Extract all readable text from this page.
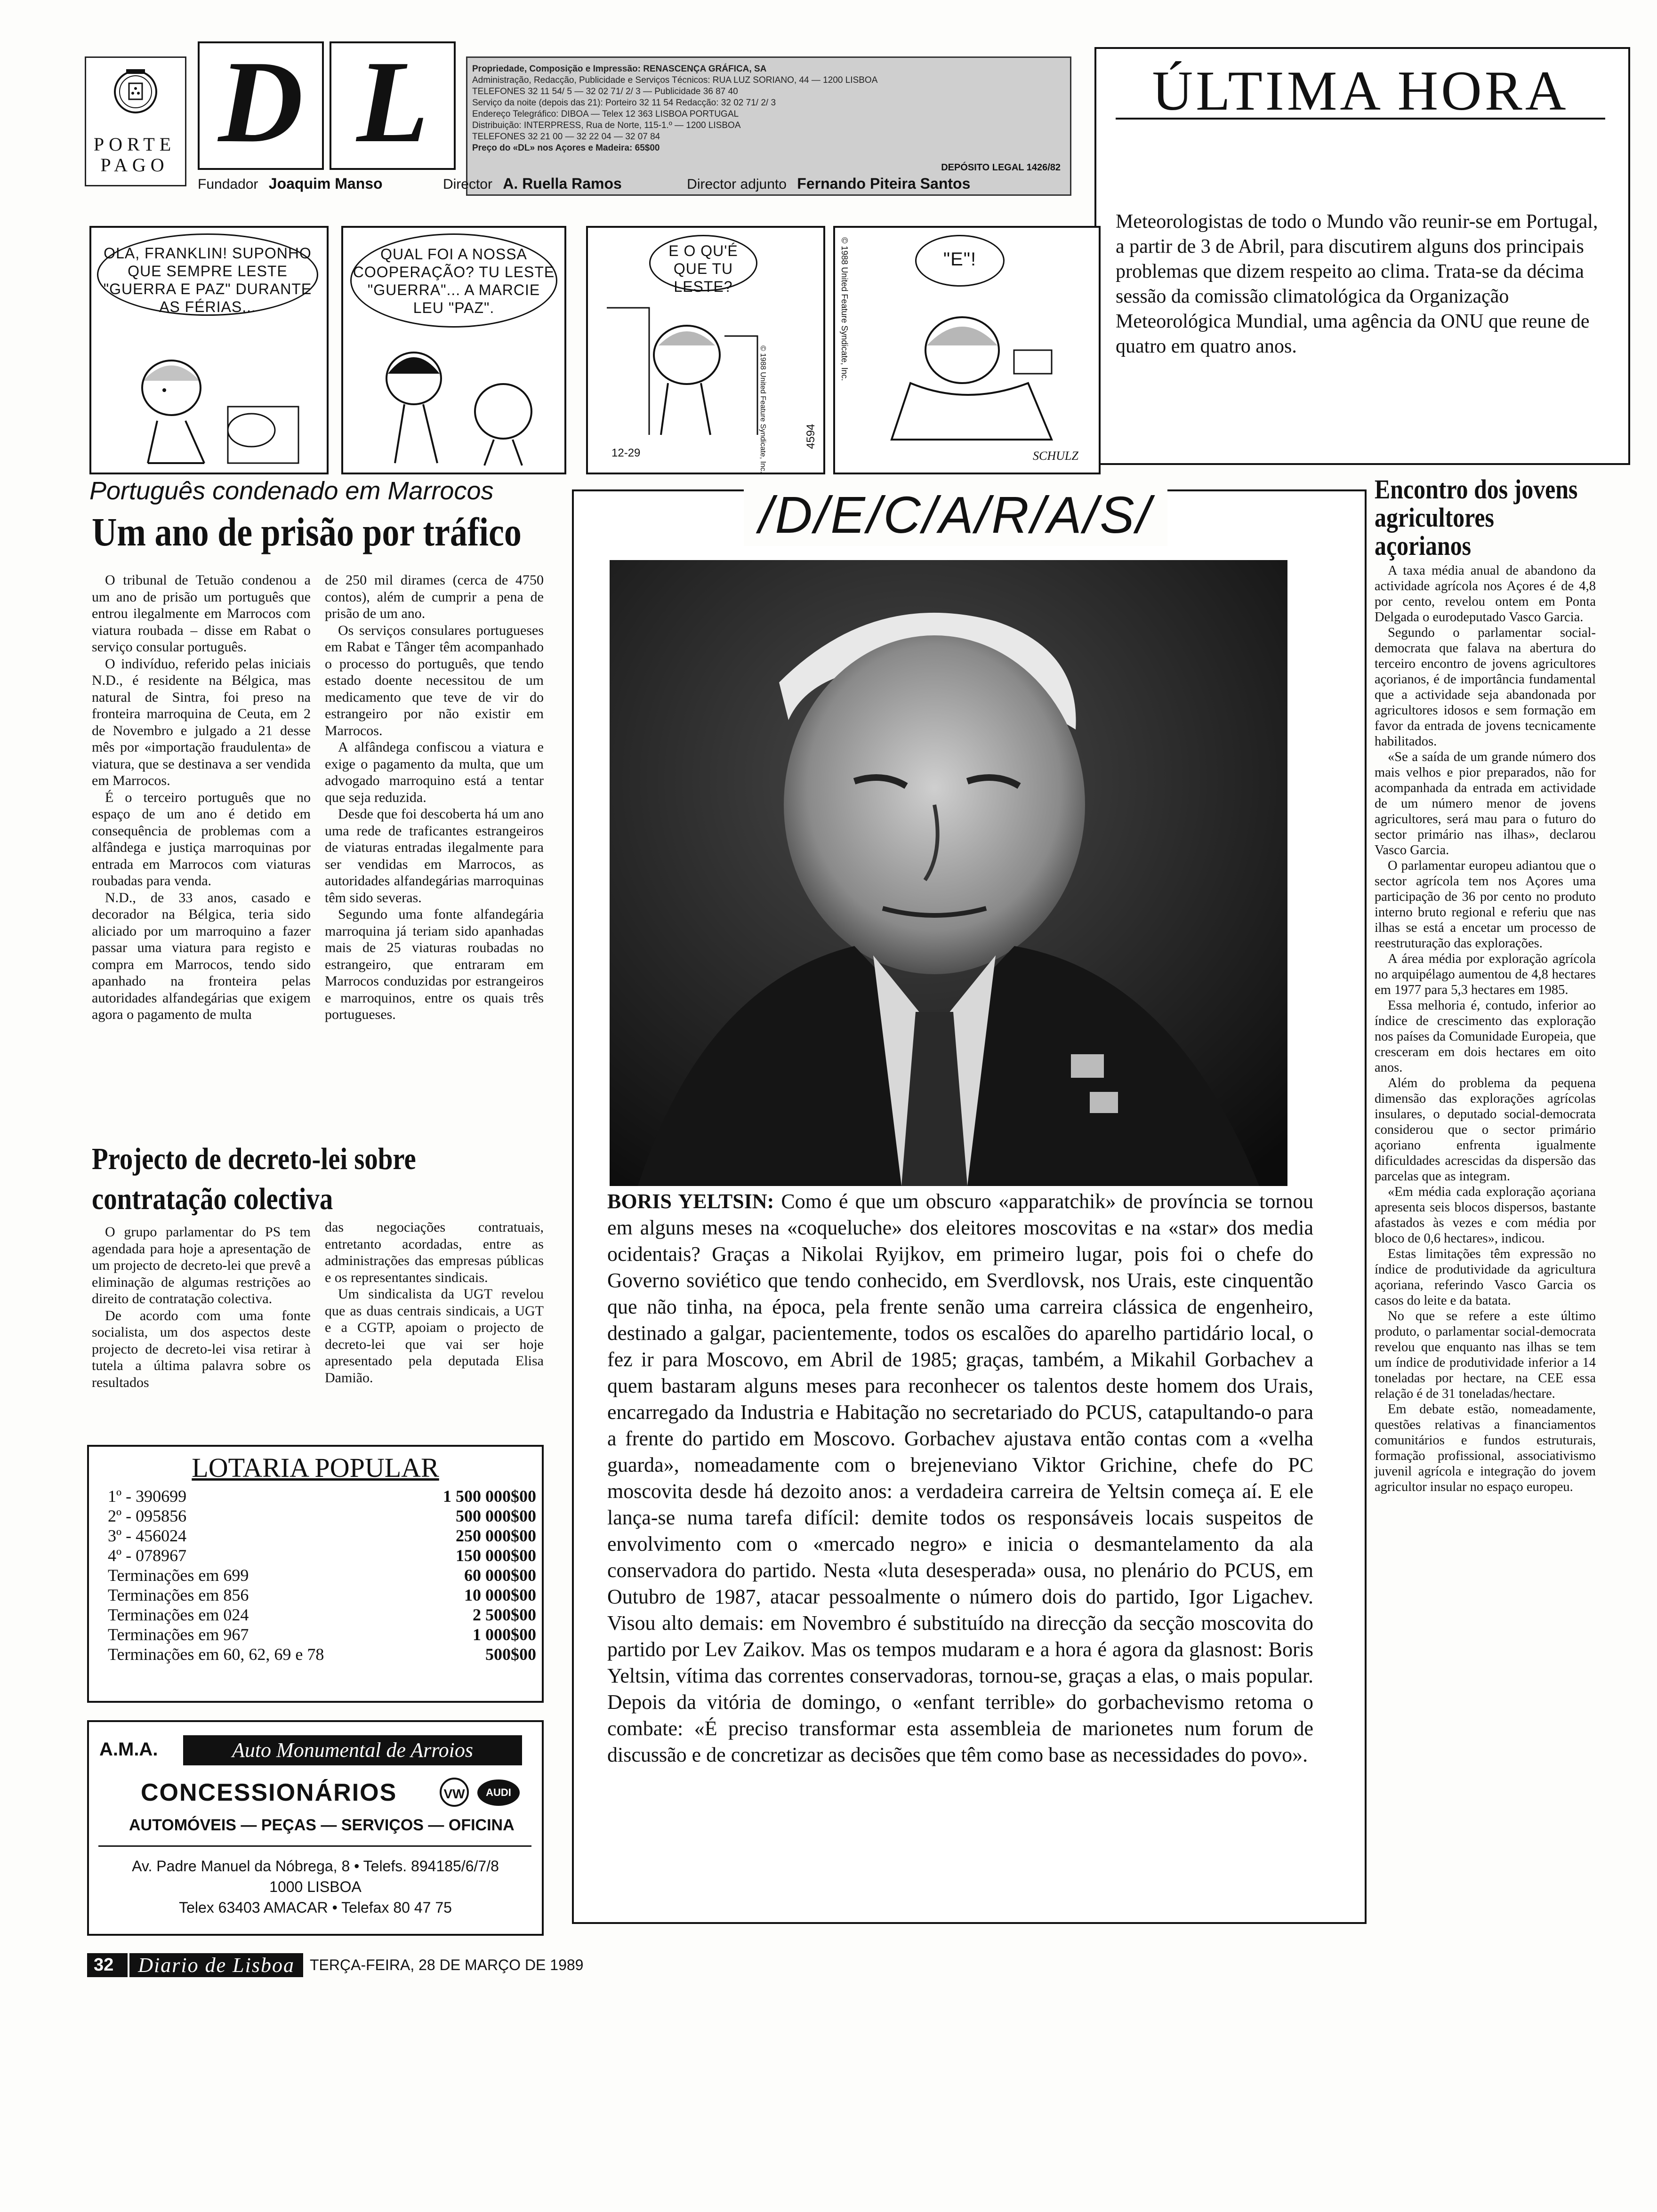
PORTE PAGO D L	Propriedade, Composição e Impressão: RENASCENÇA GRÁFICA, SA
Administração, Redacção, Publicidade e Serviços Técnicos: RUA LUZ SORIANO, 44 — 1200 LISBOA
TELEFONES 32 11 54/ 5 — 32 02 71/ 2/ 3 — Publicidade 36 87 40
Serviço da noite (depois das 21): Porteiro 32 11 54 Redacção: 32 02 71/ 2/ 3
Endereço Telegráfico: DIBOA — Telex 12 363 LISBOA PORTUGAL
Distribuição: INTERPRESS, Rua de Norte, 115-1.º — 1200 LISBOA
TELEFONES 32 21 00 — 32 22 04 — 32 07 84
Preço do «DL» nos Açores e Madeira: 65$00
DEPÓSITO LEGAL 1426/82
Fundador Joaquim Manso	Director A. Ruella Ramos	Director adjunto Fernando Piteira Santos
ÚLTIMA HORA
Meteorologistas de todo o Mundo vão reunir-se em Portugal, a partir de 3 de Abril, para discutirem alguns dos principais problemas que dizem respeito ao clima. Trata-se da décima sessão da comissão climatológica da Organização Meteorológica Mundial, uma agência da ONU que reune de quatro em quatro anos.
OLÁ, FRANKLIN! SUPONHO QUE SEMPRE LESTE "GUERRA E PAZ" DURANTE AS FÉRIAS...
QUAL FOI A NOSSA COOPERAÇÃO? TU LESTE "GUERRA"... A MARCIE LEU "PAZ".
E O QU'É QUE TU LESTE?
© 1988 United Feature Syndicate, Inc.
12-29
4594
"E"!
© 1988 United Feature Syndicate, Inc.
SCHULZ
Português condenado em Marrocos
Um ano de prisão por tráfico

O tribunal de Tetuão condenou a um ano de prisão um português que entrou ilegalmente em Marrocos com viatura roubada – disse em Rabat o serviço consular português.

O indivíduo, referido pelas iniciais N.D., é residente na Bélgica, mas natural de Sintra, foi preso na fronteira marroquina de Ceuta, em 2 de Novembro e julgado a 21 desse mês por «importação fraudulenta» de viatura, que se destinava a ser vendida em Marrocos.

É o terceiro português que no espaço de um ano é detido em consequência de problemas com a alfândega e justiça marroquinas por entrada em Marrocos com viaturas roubadas para venda.

N.D., de 33 anos, casado e decorador na Bélgica, teria sido aliciado por um marroquino a fazer passar uma viatura para registo e compra em Marrocos, tendo sido apanhado na fronteira pelas autoridades alfandegárias que exigem agora o pagamento de multa

de 250 mil dirames (cerca de 4750 contos), além de cumprir a pena de prisão de um ano.

Os serviços consulares portugueses em Rabat e Tânger têm acompanhado o processo do português, que tendo estado doente necessitou de um medicamento que teve de vir do estrangeiro por não existir em Marrocos.

A alfândega confiscou a viatura e exige o pagamento da multa, que um advogado marroquino está a tentar que seja reduzida.

Desde que foi descoberta há um ano uma rede de traficantes estrangeiros de viaturas entradas ilegalmente para ser vendidas em Marrocos, as autoridades alfandegárias marroquinas têm sido severas.

Segundo uma fonte alfandegária marroquina já teriam sido apanhadas mais de 25 viaturas roubadas no estrangeiro, que entraram em Marrocos conduzidas por estrangeiros e marroquinos, entre os quais três portugueses.

Projecto de decreto-lei sobre
contratação colectiva

O grupo parlamentar do PS tem agendada para hoje a apresentação de um projecto de decreto-lei que prevê a eliminação de algumas restrições ao direito de contratação colectiva.

De acordo com uma fonte socialista, um dos aspectos deste projecto de decreto-lei visa retirar à tutela a última palavra sobre os resultados

das negociações contratuais, entretanto acordadas, entre as administrações das empresas públicas e os representantes sindicais.

Um sindicalista da UGT revelou que as duas centrais sindicais, a UGT e a CGTP, apoiam o projecto de decreto-lei que vai ser hoje apresentado pela deputada Elisa Damião.

LOTARIA POPULAR
1º - 390699	1 500 000$00
2º - 095856	500 000$00
3º - 456024	250 000$00
4º - 078967	150 000$00
Terminações em 699	60 000$00
Terminações em 856	10 000$00
Terminações em 024	2 500$00
Terminações em 967	1 000$00
Terminações em 60, 62, 69 e 78	500$00
A.M.A.	Auto Monumental de Arroios
CONCESSIONÁRIOS	VW	AUDI
AUTOMÓVEIS — PEÇAS — SERVIÇOS — OFICINA
Av. Padre Manuel da Nóbrega, 8 • Telefs. 894185/6/7/8
1000 LISBOA
Telex 63403 AMACAR • Telefax 80 47 75
/D/E/C/A/R/A/S/
BORIS YELTSIN: Como é que um obscuro «apparatchik» de província se tornou em alguns meses na «coqueluche» dos eleitores moscovitas e na «star» dos media ocidentais? Graças a Nikolai Ryijkov, em primeiro lugar, pois foi o chefe do Governo soviético que tendo conhecido, em Sverdlovsk, nos Urais, este cinquentão que não tinha, na época, pela frente senão uma carreira clássica de engenheiro, destinado a galgar, pacientemente, todos os escalões do aparelho partidário local, o fez ir para Moscovo, em Abril de 1985; graças, também, a Mikahil Gorbachev a quem bastaram alguns meses para reconhecer os talentos deste homem dos Urais, encarregado da Industria e Habitação no secretariado do PCUS, catapultando-o para a frente do partido em Moscovo. Gorbachev ajustava então contas com a «velha guarda», nomeadamente com o brejeneviano Viktor Grichine, chefe do PC moscovita desde há dezoito anos: a verdadeira carreira de Yeltsin começa aí. E ele lança-se numa tarefa difícil: demite todos os responsáveis locais suspeitos de envolvimento com o «mercado negro» e inicia o desmantelamento da ala conservadora do partido. Nesta «luta desesperada» ousa, no plenário do PCUS, em Outubro de 1987, atacar pessoalmente o número dois do partido, Igor Ligachev. Visou alto demais: em Novembro é substituído na direcção da secção moscovita do partido por Lev Zaikov. Mas os tempos mudaram e a hora é agora da glasnost: Boris Yeltsin, vítima das correntes conservadoras, tornou-se, graças a elas, o mais popular. Depois da vitória de domingo, o «enfant terrible» do gorbachevismo retoma o combate: «É preciso transformar esta assembleia de marionetes num forum de discussão e de concretizar as decisões que têm como base as necessidades do povo».
Encontro dos jovens agricultores açorianos

A taxa média anual de abandono da actividade agrícola nos Açores é de 4,8 por cento, revelou ontem em Ponta Delgada o eurodeputado Vasco Garcia.

Segundo o parlamentar social-democrata que falava na abertura do terceiro encontro de jovens agricultores açorianos, é de importância fundamental que a actividade seja abandonada por agricultores idosos e sem formação em favor da entrada de jovens tecnicamente habilitados.

«Se a saída de um grande número dos mais velhos e pior preparados, não for acompanhada da entrada em actividade de um número menor de jovens agricultores, será mau para o futuro do sector primário nas ilhas», declarou Vasco Garcia.

O parlamentar europeu adiantou que o sector agrícola tem nos Açores uma participação de 36 por cento no produto interno bruto regional e referiu que nas ilhas se está a encetar um processo de reestruturação das explorações.

A área média por exploração agrícola no arquipélago aumentou de 4,8 hectares em 1977 para 5,3 hectares em 1985.

Essa melhoria é, contudo, inferior ao índice de crescimento das exploração nos países da Comunidade Europeia, que cresceram em dois hectares em oito anos.

Além do problema da pequena dimensão das explorações agrícolas insulares, o deputado social-democrata considerou que o sector primário açoriano enfrenta igualmente dificuldades acrescidas da dispersão das parcelas que as integram.

«Em média cada exploração açoriana apresenta seis blocos dispersos, bastante afastados às vezes e com média por bloco de 0,6 hectares», indicou.

Estas limitações têm expressão no índice de produtividade da agricultura açoriana, referindo Vasco Garcia os casos do leite e da batata.

No que se refere a este último produto, o parlamentar social-democrata revelou que enquanto nas ilhas se tem um índice de produtividade inferior a 14 toneladas por hectare, na CEE essa relação é de 31 toneladas/hectare.

Em debate estão, nomeadamente, questões relativas a financiamentos comunitários e fundos estruturais, formação profissional, associativismo juvenil agrícola e integração do jovem agricultor insular no espaço europeu.

32 Diario de Lisboa TERÇA-FEIRA, 28 DE MARÇO DE 1989
